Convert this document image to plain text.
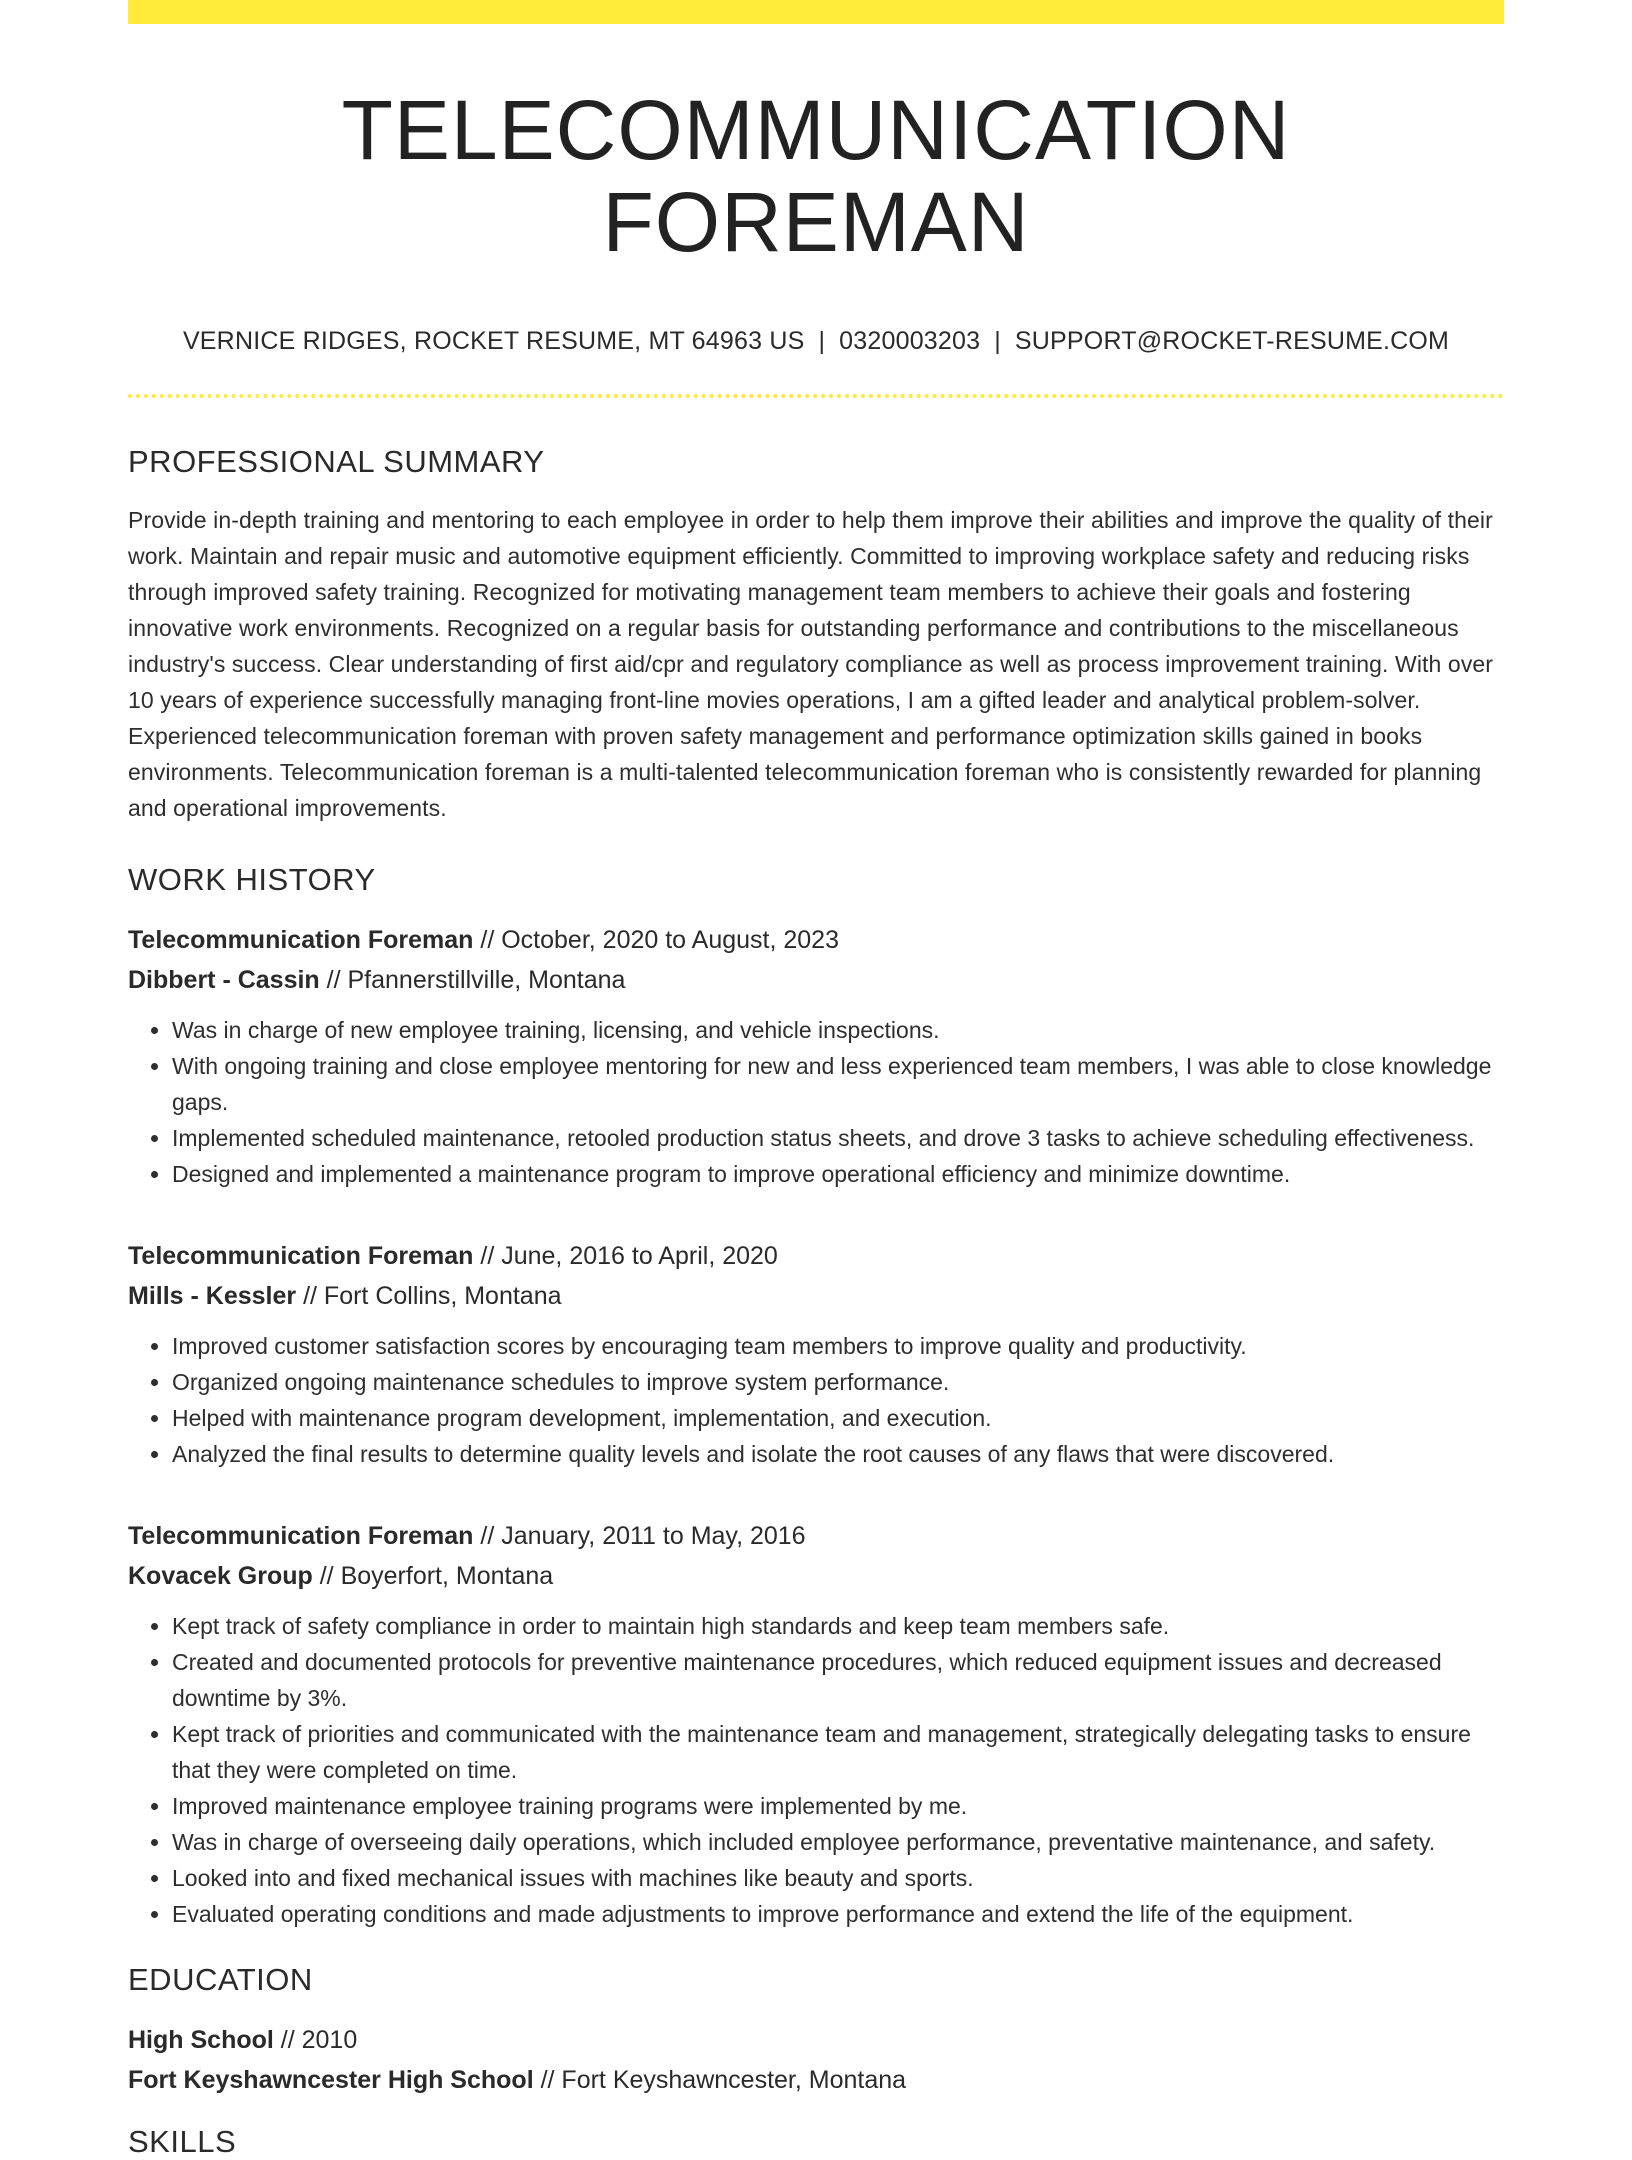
TELECOMMUNICATION FOREMAN
VERNICE RIDGES, ROCKET RESUME, MT 64963 US | 0320003203 | SUPPORT@ROCKET-RESUME.COM
PROFESSIONAL SUMMARY
Provide in-depth training and mentoring to each employee in order to help them improve their abilities and improve the quality of their work. Maintain and repair music and automotive equipment efficiently. Committed to improving workplace safety and reducing risks through improved safety training. Recognized for motivating management team members to achieve their goals and fostering innovative work environments. Recognized on a regular basis for outstanding performance and contributions to the miscellaneous industry's success. Clear understanding of first aid/cpr and regulatory compliance as well as process improvement training. With over 10 years of experience successfully managing front-line movies operations, I am a gifted leader and analytical problem-solver. Experienced telecommunication foreman with proven safety management and performance optimization skills gained in books environments. Telecommunication foreman is a multi-talented telecommunication foreman who is consistently rewarded for planning and operational improvements.
WORK HISTORY
Telecommunication Foreman // October, 2020 to August, 2023
Dibbert - Cassin // Pfannerstillville, Montana
• Was in charge of new employee training, licensing, and vehicle inspections.
• With ongoing training and close employee mentoring for new and less experienced team members, I was able to close knowledge gaps.
• Implemented scheduled maintenance, retooled production status sheets, and drove 3 tasks to achieve scheduling effectiveness.
• Designed and implemented a maintenance program to improve operational efficiency and minimize downtime.
Telecommunication Foreman // June, 2016 to April, 2020
Mills - Kessler // Fort Collins, Montana
• Improved customer satisfaction scores by encouraging team members to improve quality and productivity.
• Organized ongoing maintenance schedules to improve system performance.
• Helped with maintenance program development, implementation, and execution.
• Analyzed the final results to determine quality levels and isolate the root causes of any flaws that were discovered.
Telecommunication Foreman // January, 2011 to May, 2016
Kovacek Group // Boyerfort, Montana
• Kept track of safety compliance in order to maintain high standards and keep team members safe.
• Created and documented protocols for preventive maintenance procedures, which reduced equipment issues and decreased downtime by 3%.
• Kept track of priorities and communicated with the maintenance team and management, strategically delegating tasks to ensure that they were completed on time.
• Improved maintenance employee training programs were implemented by me.
• Was in charge of overseeing daily operations, which included employee performance, preventative maintenance, and safety.
• Looked into and fixed mechanical issues with machines like beauty and sports.
• Evaluated operating conditions and made adjustments to improve performance and extend the life of the equipment.
EDUCATION
High School // 2010
Fort Keyshawncester High School // Fort Keyshawncester, Montana
SKILLS
